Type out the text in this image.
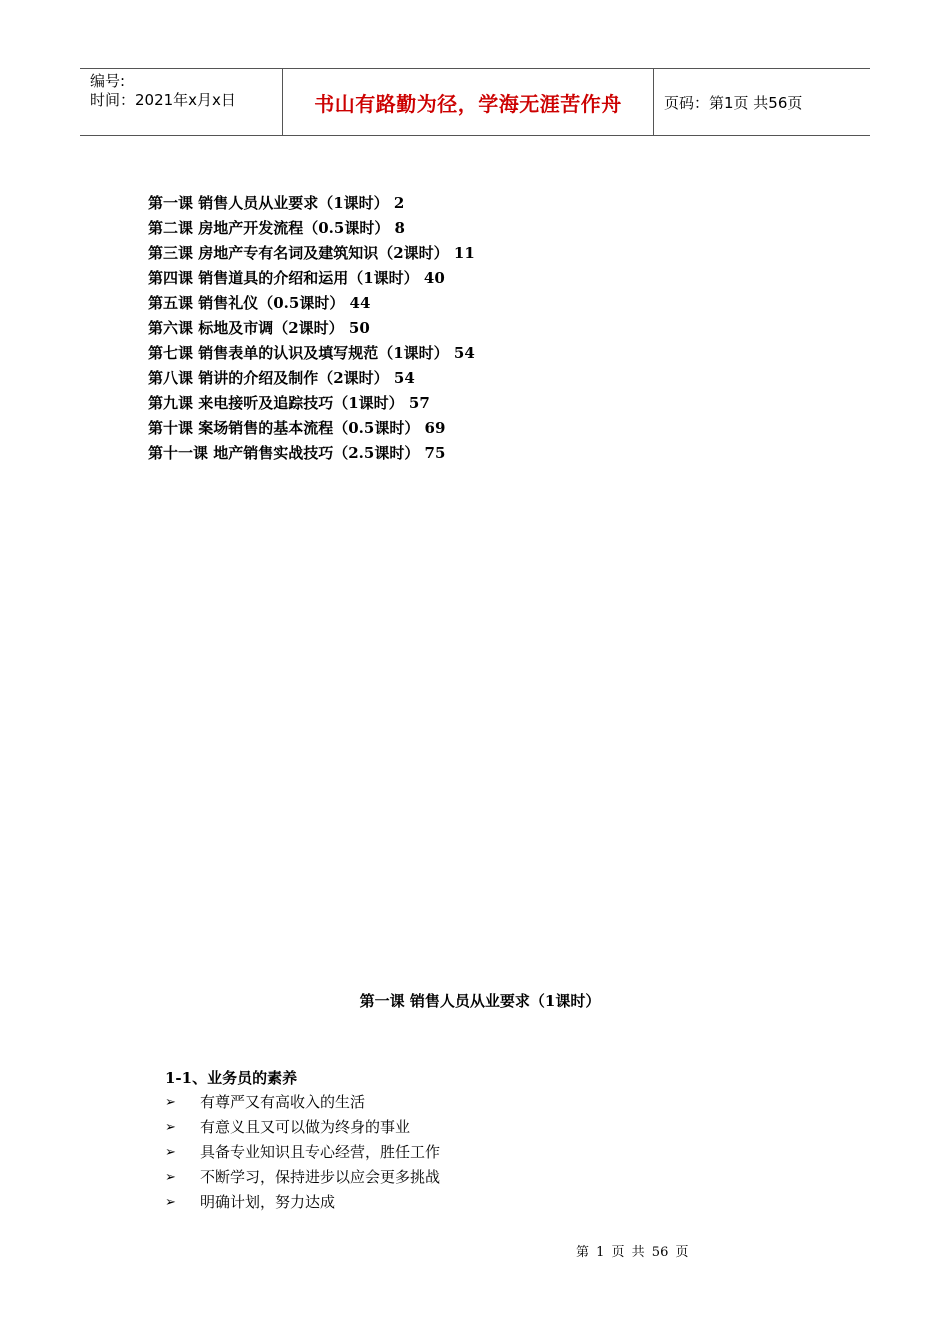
编号:
时间：2021年x月x日	书山有路勤为径，学海无涯苦作舟	页码：第1页 共56页
第一课 销售人员从业要求（1课时） 2
第二课 房地产开发流程（0.5课时） 8
第三课 房地产专有名词及建筑知识（2课时） 11
第四课 销售道具的介绍和运用（1课时） 40
第五课 销售礼仪（0.5课时） 44
第六课 标地及市调（2课时） 50
第七课 销售表单的认识及填写规范（1课时） 54
第八课 销讲的介绍及制作（2课时） 54
第九课 来电接听及追踪技巧（1课时） 57
第十课 案场销售的基本流程（0.5课时） 69
第十一课 地产销售实战技巧（2.5课时） 75
第一课 销售人员从业要求（1课时）
1-1、业务员的素养
➢	有尊严又有高收入的生活
➢	有意义且又可以做为终身的事业
➢	具备专业知识且专心经营，胜任工作
➢	不断学习，保持进步以应会更多挑战
➢	明确计划，努力达成
第 1 页 共 56 页
